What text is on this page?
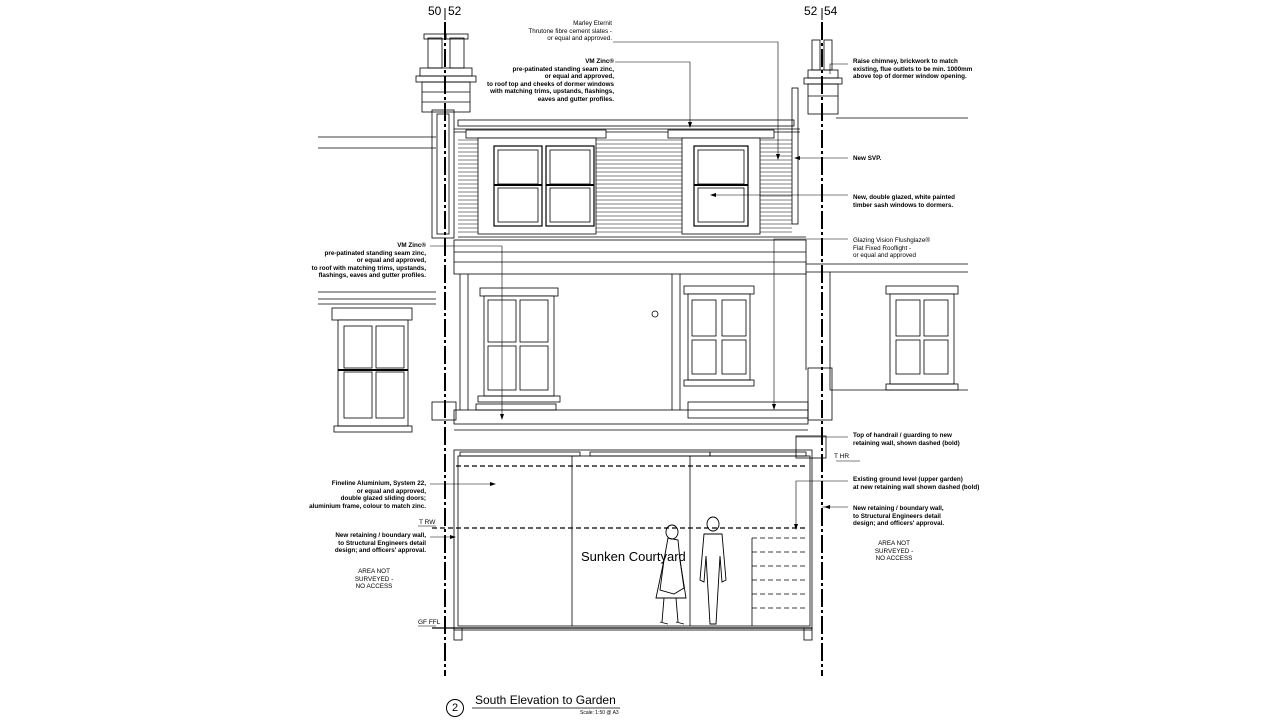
50 52	52 54
Marley Eternit
Thrutone fibre cement slates -
or equal and approved.
VM Zinc®
pre-patinated standing seam zinc,
or equal and approved,
to roof top and cheeks of dormer windows
with matching trims, upstands, flashings,
eaves and gutter profiles.
Raise chimney, brickwork to match
existing, flue outlets to be min. 1000mm
above top of dormer window opening.
New SVP.
New, double glazed, white painted
timber sash windows to dormers.
Glazing Vision Flushglaze®
Flat Fixed Rooflight -
or equal and approved
VM Zinc®
pre-patinated standing seam zinc,
or equal and approved,
to roof with matching trims, upstands,
flashings, eaves and gutter profiles.
Top of handrail / guarding to new
retaining wall, shown dashed (bold)
Existing ground level (upper garden)
at new retaining wall shown dashed (bold)
New retaining / boundary wall,
to Structural Engineers detail
design; and officers' approval.
Fineline Aluminium, System 22,
or equal and approved,
double glazed sliding doors;
aluminium frame, colour to match zinc.
New retaining / boundary wall,
to Structural Engineers detail
design; and officers' approval.
AREA NOT
SURVEYED -
NO ACCESS
AREA NOT
SURVEYED -
NO ACCESS
T HR
T RW
GF FFL
Sunken Courtyard
2
South Elevation to Garden
Scale: 1:50 @ A3
